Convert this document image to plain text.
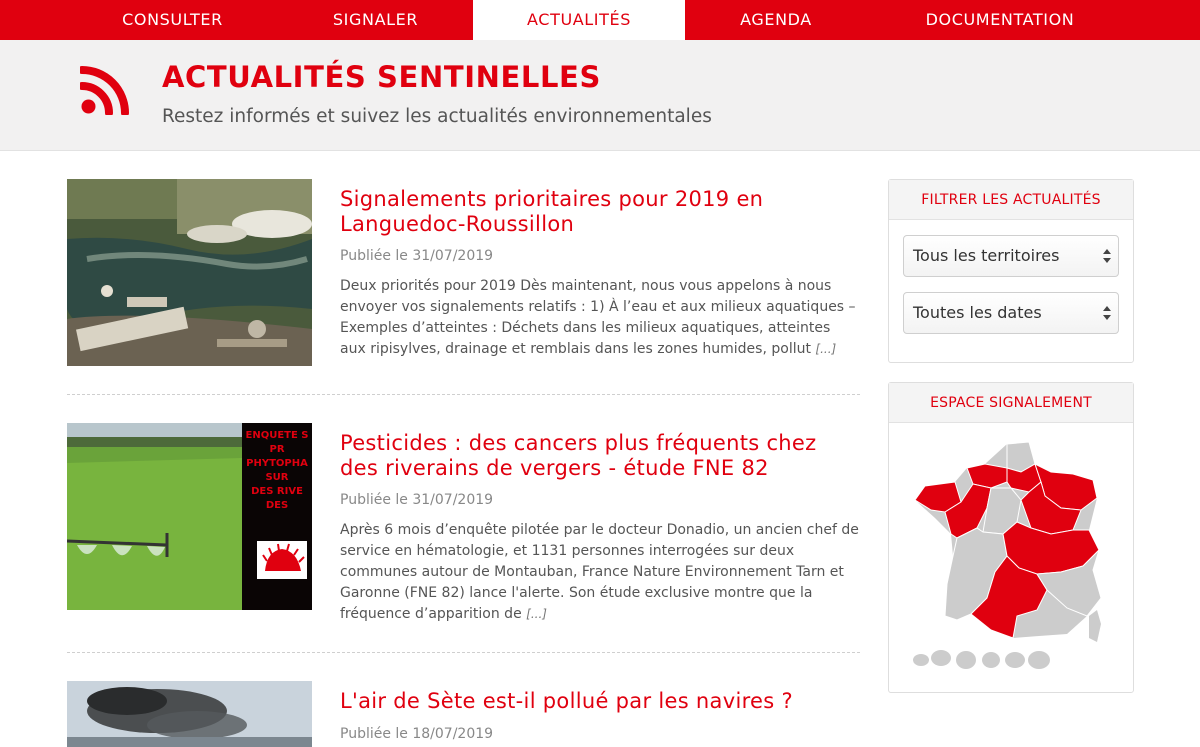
CONSULTER	SIGNALER	ACTUALITÉS	AGENDA	DOCUMENTATION
ACTUALITÉS SENTINELLES
Restez informés et suivez les actualités environnementales
Signalements prioritaires pour 2019 en Languedoc-Roussillon
Publiée le 31/07/2019
Deux priorités pour 2019 Dès maintenant, nous vous appelons à nous envoyer vos signalements relatifs : 1) À l’eau et aux milieux aquatiques – Exemples d’atteintes : Déchets dans les milieux aquatiques, atteintes aux ripisylves, drainage et remblais dans les zones humides, pollut [...]
ENQUETE S
PR
PHYTOPHA
SUR
DES RIVE
DES
Pesticides : des cancers plus fréquents chez des riverains de vergers - étude FNE 82
Publiée le 31/07/2019
Après 6 mois d’enquête pilotée par le docteur Donadio, un ancien chef de service en hématologie, et 1131 personnes interrogées sur deux communes autour de Montauban, France Nature Environnement Tarn et Garonne (FNE 82) lance l'alerte. Son étude exclusive montre que la fréquence d’apparition de [...]
L'air de Sète est-il pollué par les navires ?
Publiée le 18/07/2019
FILTRER LES ACTUALITÉS
Tous les territoires
Toutes les dates
ESPACE SIGNALEMENT
